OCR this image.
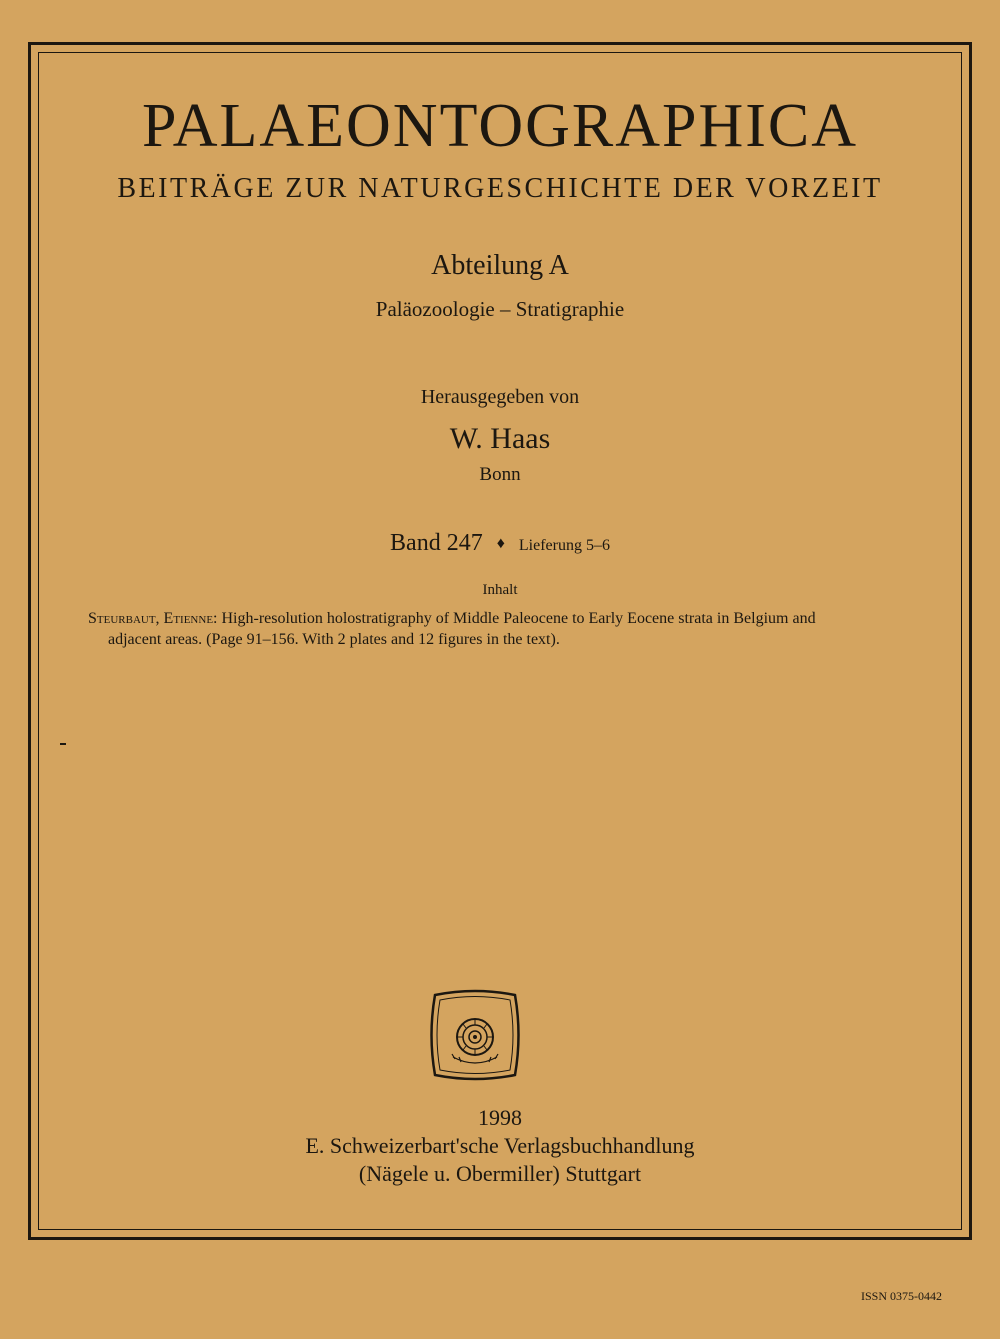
PALAEONTOGRAPHICA
BEITRÄGE ZUR NATURGESCHICHTE DER VORZEIT
Abteilung A
Paläozoologie – Stratigraphie
Herausgegeben von
W. Haas
Bonn
Band 247 ♦ Lieferung 5–6
Inhalt
Steurbaut, Etienne: High-resolution holostratigraphy of Middle Paleocene to Early Eocene strata in Belgium and
adjacent areas. (Page 91–156. With 2 plates and 12 figures in the text).
1998
E. Schweizerbart'sche Verlagsbuchhandlung
(Nägele u. Obermiller) Stuttgart
ISSN 0375-0442
